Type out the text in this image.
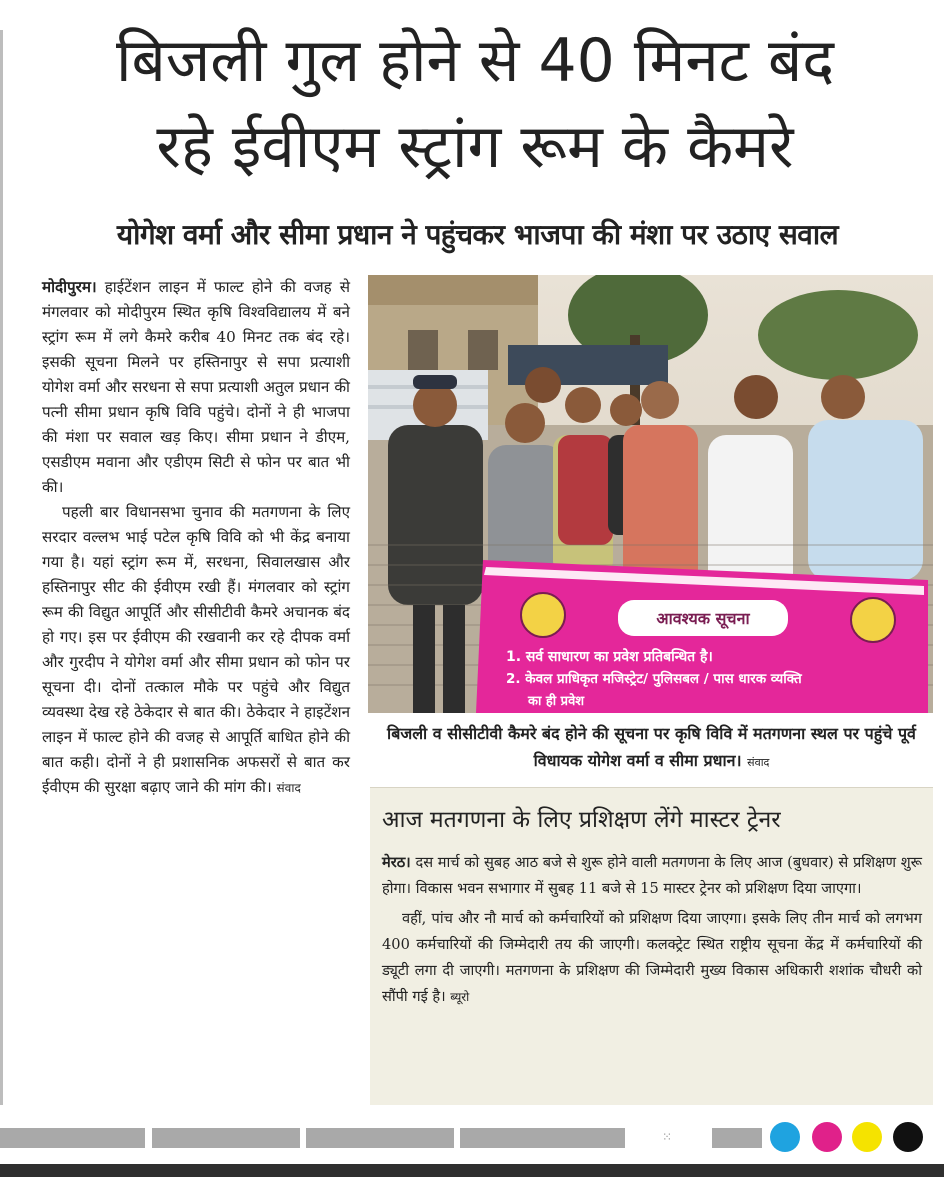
बिजली गुल होने से 40 मिनट बंद
रहे ईवीएम स्ट्रांग रूम के कैमरे
योगेश वर्मा और सीमा प्रधान ने पहुंचकर भाजपा की मंशा पर उठाए सवाल

मोदीपुरम। हाईटेंशन लाइन में फाल्ट होने की वजह से मंगलवार को मोदीपुरम स्थित कृषि विश्वविद्यालय में बने स्ट्रांग रूम में लगे कैमरे करीब 40 मिनट तक बंद रहे। इसकी सूचना मिलने पर हस्तिनापुर से सपा प्रत्याशी योगेश वर्मा और सरधना से सपा प्रत्याशी अतुल प्रधान की पत्नी सीमा प्रधान कृषि विवि पहुंचे। दोनों ने ही भाजपा की मंशा पर सवाल खड़ किए। सीमा प्रधान ने डीएम, एसडीएम मवाना और एडीएम सिटी से फोन पर बात भी की।

पहली बार विधानसभा चुनाव की मतगणना के लिए सरदार वल्लभ भाई पटेल कृषि विवि को भी केंद्र बनाया गया है। यहां स्ट्रांग रूम में, सरधना, सिवालखास और हस्तिनापुर सीट की ईवीएम रखी हैं। मंगलवार को स्ट्रांग रूम की विद्युत आपूर्ति और सीसीटीवी कैमरे अचानक बंद हो गए। इस पर ईवीएम की रखवानी कर रहे दीपक वर्मा और गुरदीप ने योगेश वर्मा और सीमा प्रधान को फोन पर सूचना दी। दोनों तत्काल मौके पर पहुंचे और विद्युत व्यवस्था देख रहे ठेकेदार से बात की। ठेकेदार ने हाइटेंशन लाइन में फाल्ट होने की वजह से आपूर्ति बाधित होने की बात कही। दोनों ने ही प्रशासनिक अफसरों से बात कर ईवीएम की सुरक्षा बढ़ाए जाने की मांग की। संवाद

आवश्यक सूचना
1. सर्व साधारण का प्रवेश प्रतिबन्धित है।
2. केवल प्राधिकृत मजिस्ट्रेट/ पुलिसबल / पास धारक व्यक्ति
का ही प्रवेश
बिजली व सीसीटीवी कैमरे बंद होने की सूचना पर कृषि विवि में मतगणना स्थल पर पहुंचे पूर्व विधायक योगेश वर्मा व सीमा प्रधान। संवाद
आज मतगणना के लिए प्रशिक्षण लेंगे मास्टर ट्रेनर

मेरठ। दस मार्च को सुबह आठ बजे से शुरू होने वाली मतगणना के लिए आज (बुधवार) से प्रशिक्षण शुरू होगा। विकास भवन सभागार में सुबह 11 बजे से 15 मास्टर ट्रेनर को प्रशिक्षण दिया जाएगा।

वहीं, पांच और नौ मार्च को कर्मचारियों को प्रशिक्षण दिया जाएगा। इसके लिए तीन मार्च को लगभग 400 कर्मचारियों की जिम्मेदारी तय की जाएगी। कलक्ट्रेट स्थित राष्ट्रीय सूचना केंद्र में कर्मचारियों की ड्यूटी लगा दी जाएगी। मतगणना के प्रशिक्षण की जिम्मेदारी मुख्य विकास अधिकारी शशांक चौधरी को सौंपी गई है। ब्यूरो

⁙
